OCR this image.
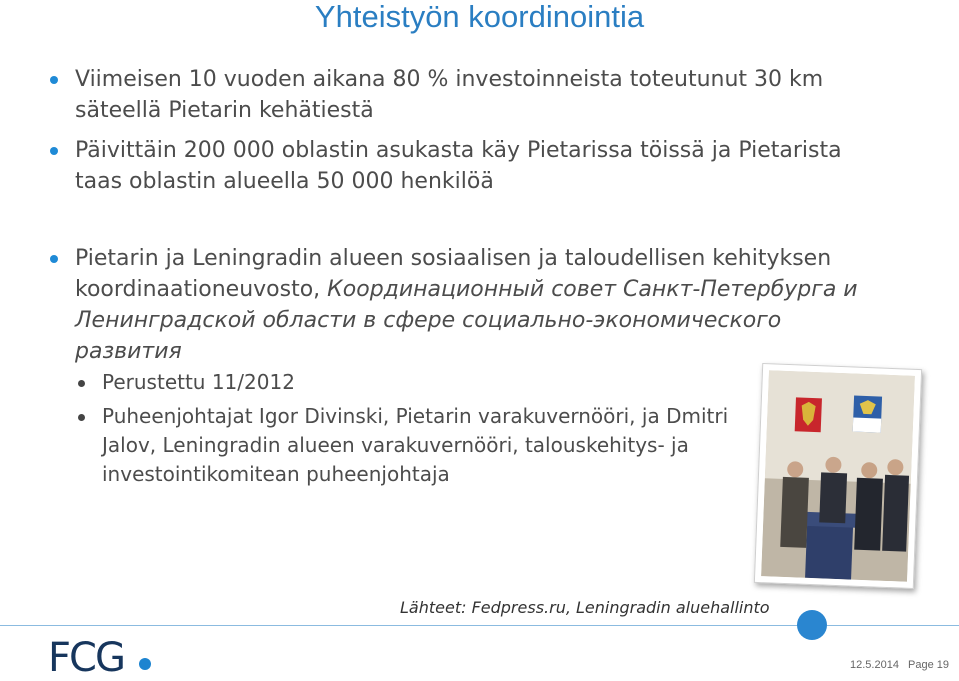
Yhteistyön koordinointia
Viimeisen 10 vuoden aikana 80 % investoinneista toteutunut 30 km säteellä Pietarin kehätiestä
Päivittäin 200 000 oblastin asukasta käy Pietarissa töissä ja Pietarista taas oblastin alueella 50 000 henkilöä
Pietarin ja Leningradin alueen sosiaalisen ja taloudellisen kehityksen koordinaationeuvosto, Координационный совет Санкт-Петербурга и Ленинградской области в сфере социально-экономического развития
Perustettu 11/2012
Puheenjohtajat Igor Divinski, Pietarin varakuvernööri, ja Dmitri Jalov, Leningradin alueen varakuvernööri, talouskehitys- ja investointikomitean puheenjohtaja
Lähteet: Fedpress.ru, Leningradin aluehallinto
FCG	12.5.2014 Page 19
